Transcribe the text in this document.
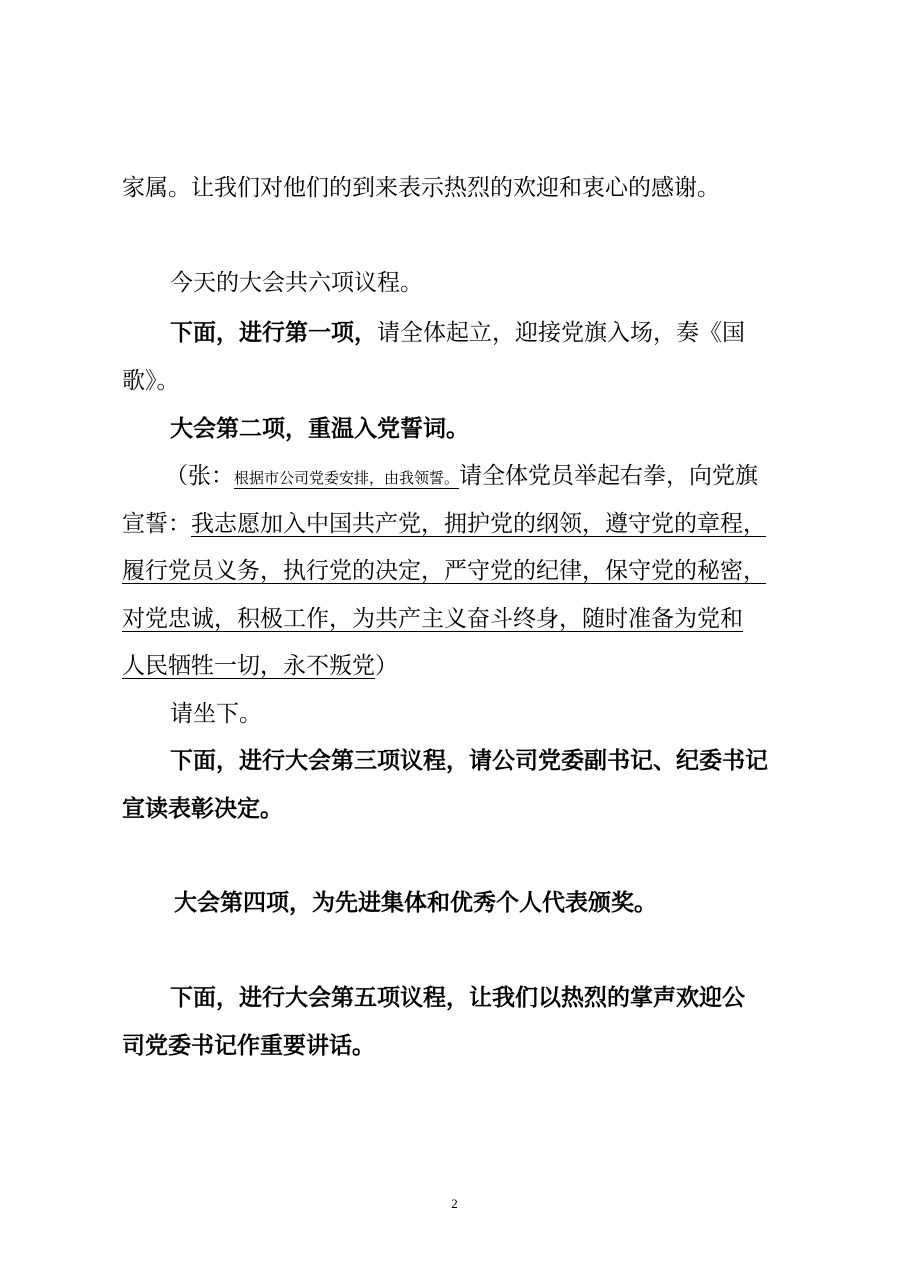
家属。让我们对他们的到来表示热烈的欢迎和衷心的感谢。
今天的大会共六项议程。
下面，进行第一项，请全体起立，迎接党旗入场，奏《国
歌》。
大会第二项，重温入党誓词。
（张：根据市公司党委安排，由我领誓。请全体党员举起右拳，向党旗
宣誓：我志愿加入中国共产党，拥护党的纲领，遵守党的章程，
履行党员义务，执行党的决定，严守党的纪律，保守党的秘密，
对党忠诚，积极工作，为共产主义奋斗终身，随时准备为党和
人民牺牲一切，永不叛党）
请坐下。
下面，进行大会第三项议程，请公司党委副书记、纪委书记
宣读表彰决定。
大会第四项，为先进集体和优秀个人代表颁奖。
下面，进行大会第五项议程，让我们以热烈的掌声欢迎公
司党委书记作重要讲话。
2
